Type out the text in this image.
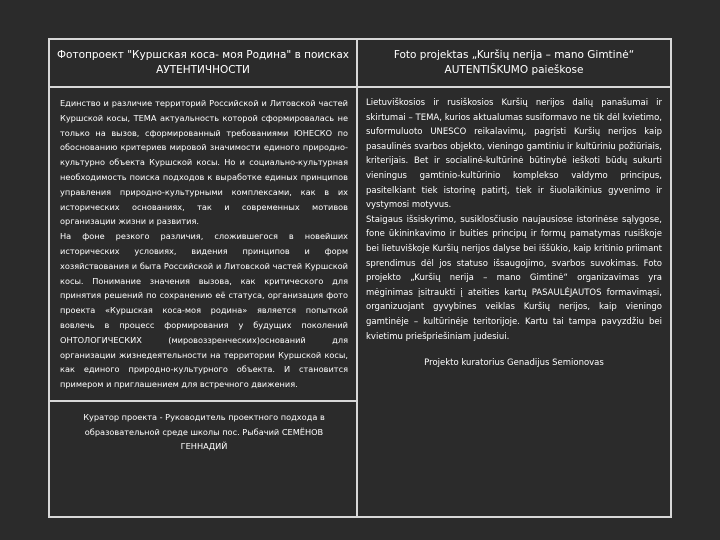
Фотопроект "Куршская коса- моя Родина" в поисках АУТЕНТИЧНОСТИ

Единство и различие территорий Российской и Литовской частей Куршской косы, ТЕМА актуальность которой сформировалась не только на вызов, сформированный требованиями ЮНЕСКО по обоснованию критериев мировой значимости единого природно-культурно объекта Куршской косы. Но и социально-культурная необходимость поиска подходов к выработке единых принципов управления природно-культурными комплексами, как в их исторических основаниях, так и современных мотивов организации жизни и развития.

На фоне резкого различия, сложившегося в новейших исторических условиях, видения принципов и форм хозяйствования и быта Российской и Литовской частей Куршской косы. Понимание значения вызова, как критического для принятия решений по сохранению её статуса, организация фото проекта «Куршская коса-моя родина» является попыткой вовлечь в процесс формирования у будущих поколений ОНТОЛОГИЧЕСКИХ (мировоззренческих)оснований для организации жизнедеятельности на территории Куршской косы, как единого природно-культурного объекта. И становится примером и приглашением для встречного движения.

Куратор проекта - Руководитель проектного подхода в образовательной среде школы пос. Рыбачий СЕМЁНОВ ГЕННАДИЙ
Foto projektas „Kuršių nerija – mano Gimtinė“ AUTENTIŠKUMO paieškose

Lietuviškosios ir rusiškosios Kuršių nerijos dalių panašumai ir skirtumai – TEMA, kurios aktualumas susiformavo ne tik dėl kvietimo, suformuluoto UNESCO reikalavimų, pagrįsti Kuršių nerijos kaip pasaulinės svarbos objekto, vieningo gamtiniu ir kultūriniu požiūriais, kriterijais. Bet ir socialinė-kultūrinė būtinybė ieškoti būdų sukurti vieningus gamtinio-kultūrinio komplekso valdymo principus, pasitelkiant tiek istorinę patirtį, tiek ir šiuolaikinius gyvenimo ir vystymosi motyvus.

Staigaus išsiskyrimo, susiklosčiusio naujausiose istorinėse sąlygose, fone ūkininkavimo ir buities principų ir formų pamatymas rusiškoje bei lietuviškoje Kuršių nerijos dalyse bei iššūkio, kaip kritinio priimant sprendimus dėl jos statuso išsaugojimo, svarbos suvokimas. Foto projekto „Kuršių nerija – mano Gimtinė“ organizavimas yra mėginimas įsitraukti į ateities kartų PASAULĖJAUTOS formavimąsi, organizuojant gyvybines veiklas Kuršių nerijos, kaip vieningo gamtinėje – kultūrinėje teritorijoje. Kartu tai tampa pavyzdžiu bei kvietimu priešpriešiniam judesiui.

Projekto kuratorius Genadijus Semionovas
